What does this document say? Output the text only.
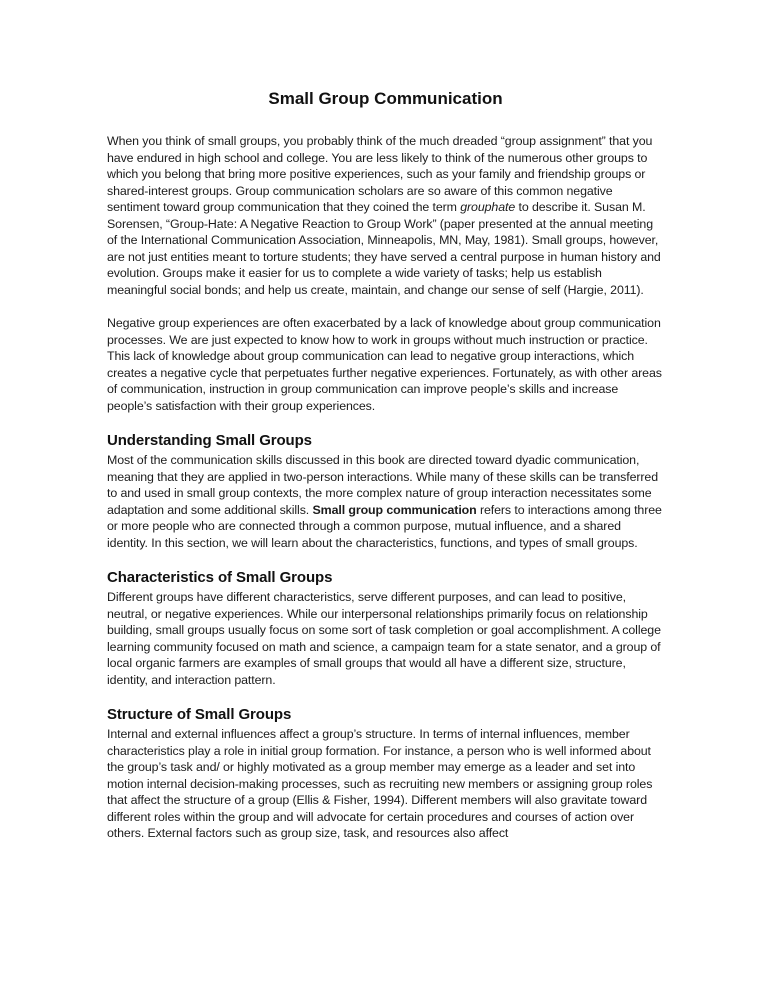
Small Group Communication

When you think of small groups, you probably think of the much dreaded “group assignment” that you have endured in high school and college. You are less likely to think of the numerous other groups to which you belong that bring more positive experiences, such as your family and friendship groups or shared-interest groups. Group communication scholars are so aware of this common negative sentiment toward group communication that they coined the term grouphate to describe it. Susan M. Sorensen, “Group-Hate: A Negative Reaction to Group Work” (paper presented at the annual meeting of the International Communication Association, Minneapolis, MN, May, 1981). Small groups, however, are not just entities meant to torture students; they have served a central purpose in human history and evolution. Groups make it easier for us to complete a wide variety of tasks; help us establish meaningful social bonds; and help us create, maintain, and change our sense of self (Hargie, 2011).

Negative group experiences are often exacerbated by a lack of knowledge about group communication processes. We are just expected to know how to work in groups without much instruction or practice. This lack of knowledge about group communication can lead to negative group interactions, which creates a negative cycle that perpetuates further negative experiences. Fortunately, as with other areas of communication, instruction in group communication can improve people’s skills and increase people’s satisfaction with their group experiences.

Understanding Small Groups

Most of the communication skills discussed in this book are directed toward dyadic communication, meaning that they are applied in two-person interactions. While many of these skills can be transferred to and used in small group contexts, the more complex nature of group interaction necessitates some adaptation and some additional skills. Small group communication refers to interactions among three or more people who are connected through a common purpose, mutual influence, and a shared identity. In this section, we will learn about the characteristics, functions, and types of small groups.

Characteristics of Small Groups

Different groups have different characteristics, serve different purposes, and can lead to positive, neutral, or negative experiences. While our interpersonal relationships primarily focus on relationship building, small groups usually focus on some sort of task completion or goal accomplishment. A college learning community focused on math and science, a campaign team for a state senator, and a group of local organic farmers are examples of small groups that would all have a different size, structure, identity, and interaction pattern.

Structure of Small Groups

Internal and external influences affect a group’s structure. In terms of internal influences, member characteristics play a role in initial group formation. For instance, a person who is well informed about the group’s task and/ or highly motivated as a group member may emerge as a leader and set into motion internal decision-making processes, such as recruiting new members or assigning group roles that affect the structure of a group (Ellis & Fisher, 1994). Different members will also gravitate toward different roles within the group and will advocate for certain procedures and courses of action over others. External factors such as group size, task, and resources also affect
